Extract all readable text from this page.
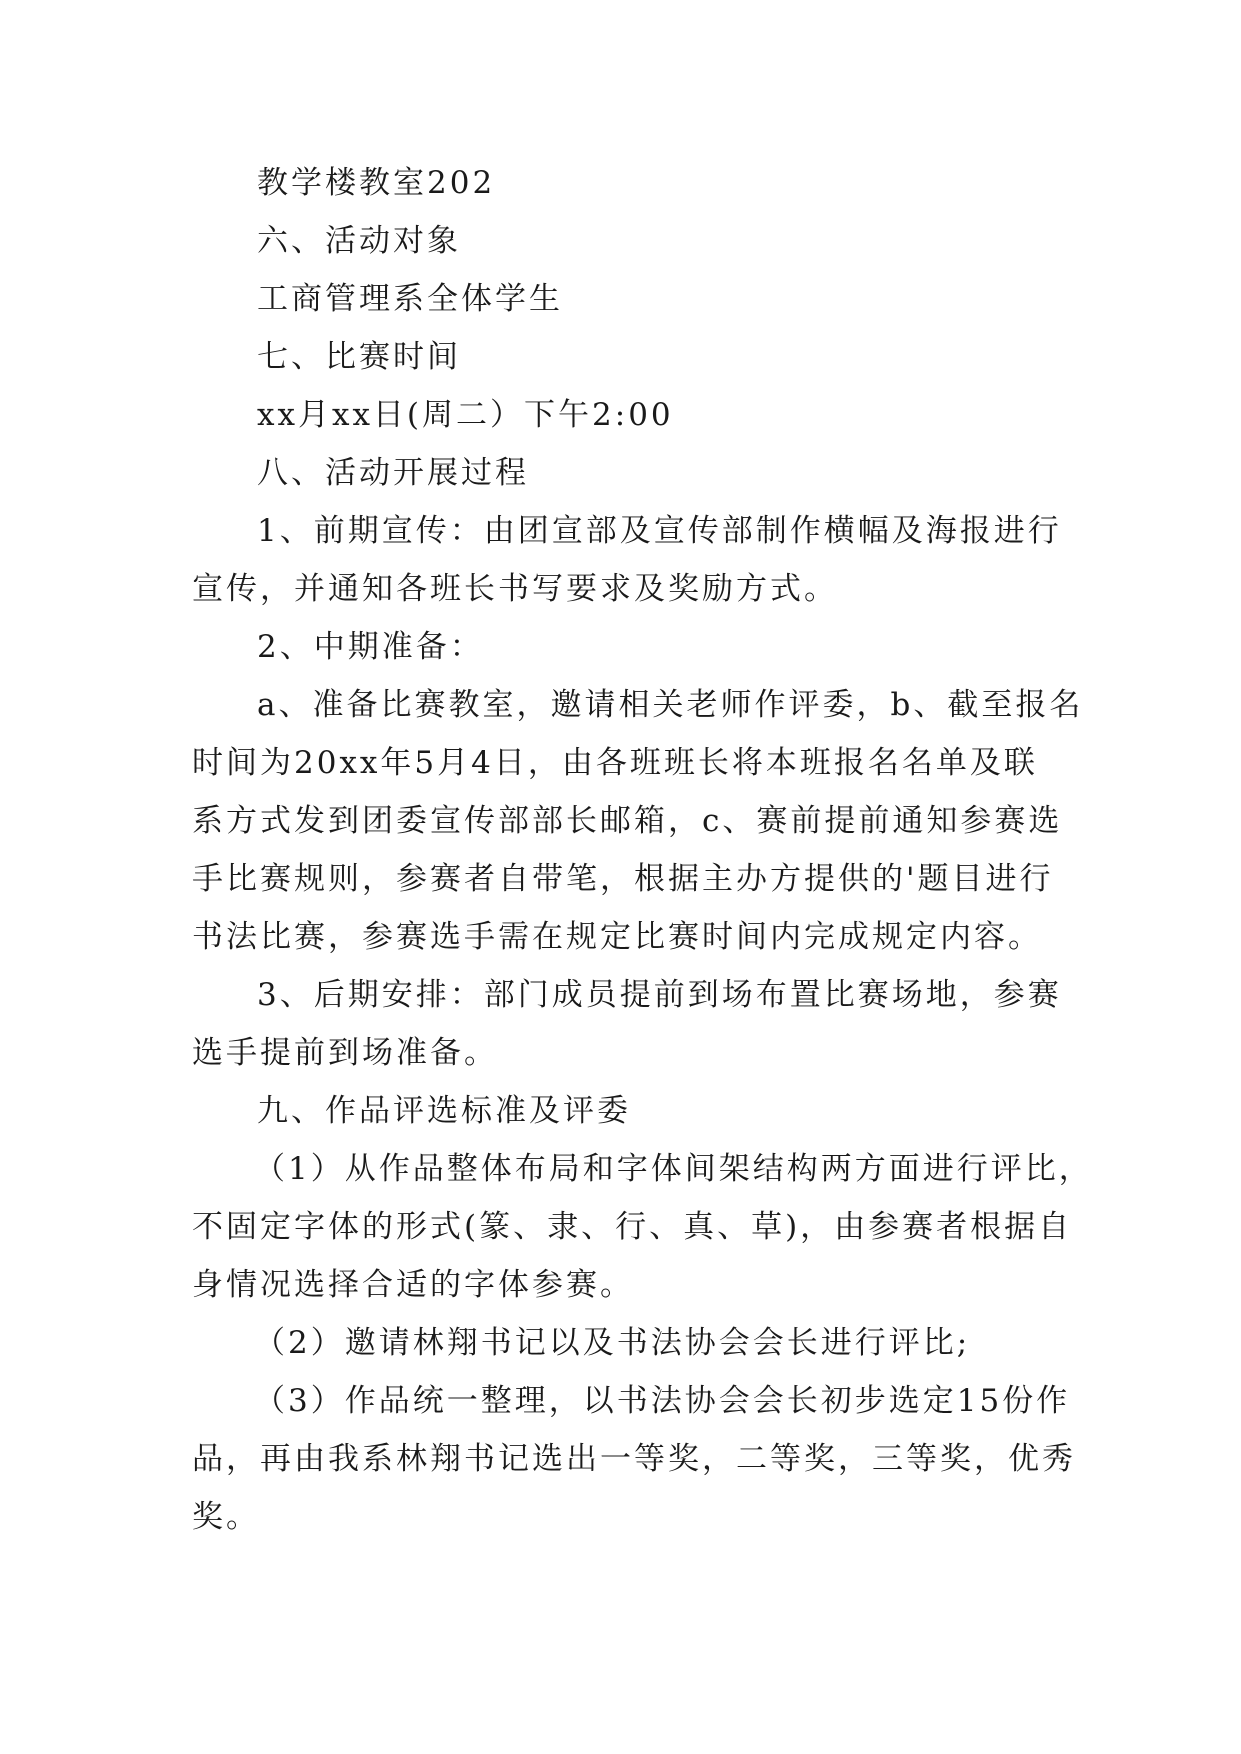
教学楼教室202

六、活动对象

工商管理系全体学生

七、比赛时间

xx月xx日(周二）下午2:00

八、活动开展过程

1、前期宣传：由团宣部及宣传部制作横幅及海报进行

宣传，并通知各班长书写要求及奖励方式。

2、中期准备：

a、准备比赛教室，邀请相关老师作评委，b、截至报名

时间为20xx年5月4日，由各班班长将本班报名名单及联

系方式发到团委宣传部部长邮箱，c、赛前提前通知参赛选

手比赛规则，参赛者自带笔，根据主办方提供的'题目进行

书法比赛，参赛选手需在规定比赛时间内完成规定内容。

3、后期安排：部门成员提前到场布置比赛场地，参赛

选手提前到场准备。

九、作品评选标准及评委

（1）从作品整体布局和字体间架结构两方面进行评比，

不固定字体的形式(篆、隶、行、真、草)，由参赛者根据自

身情况选择合适的字体参赛。

（2）邀请林翔书记以及书法协会会长进行评比;

（3）作品统一整理，以书法协会会长初步选定15份作

品，再由我系林翔书记选出一等奖，二等奖，三等奖，优秀

奖。
